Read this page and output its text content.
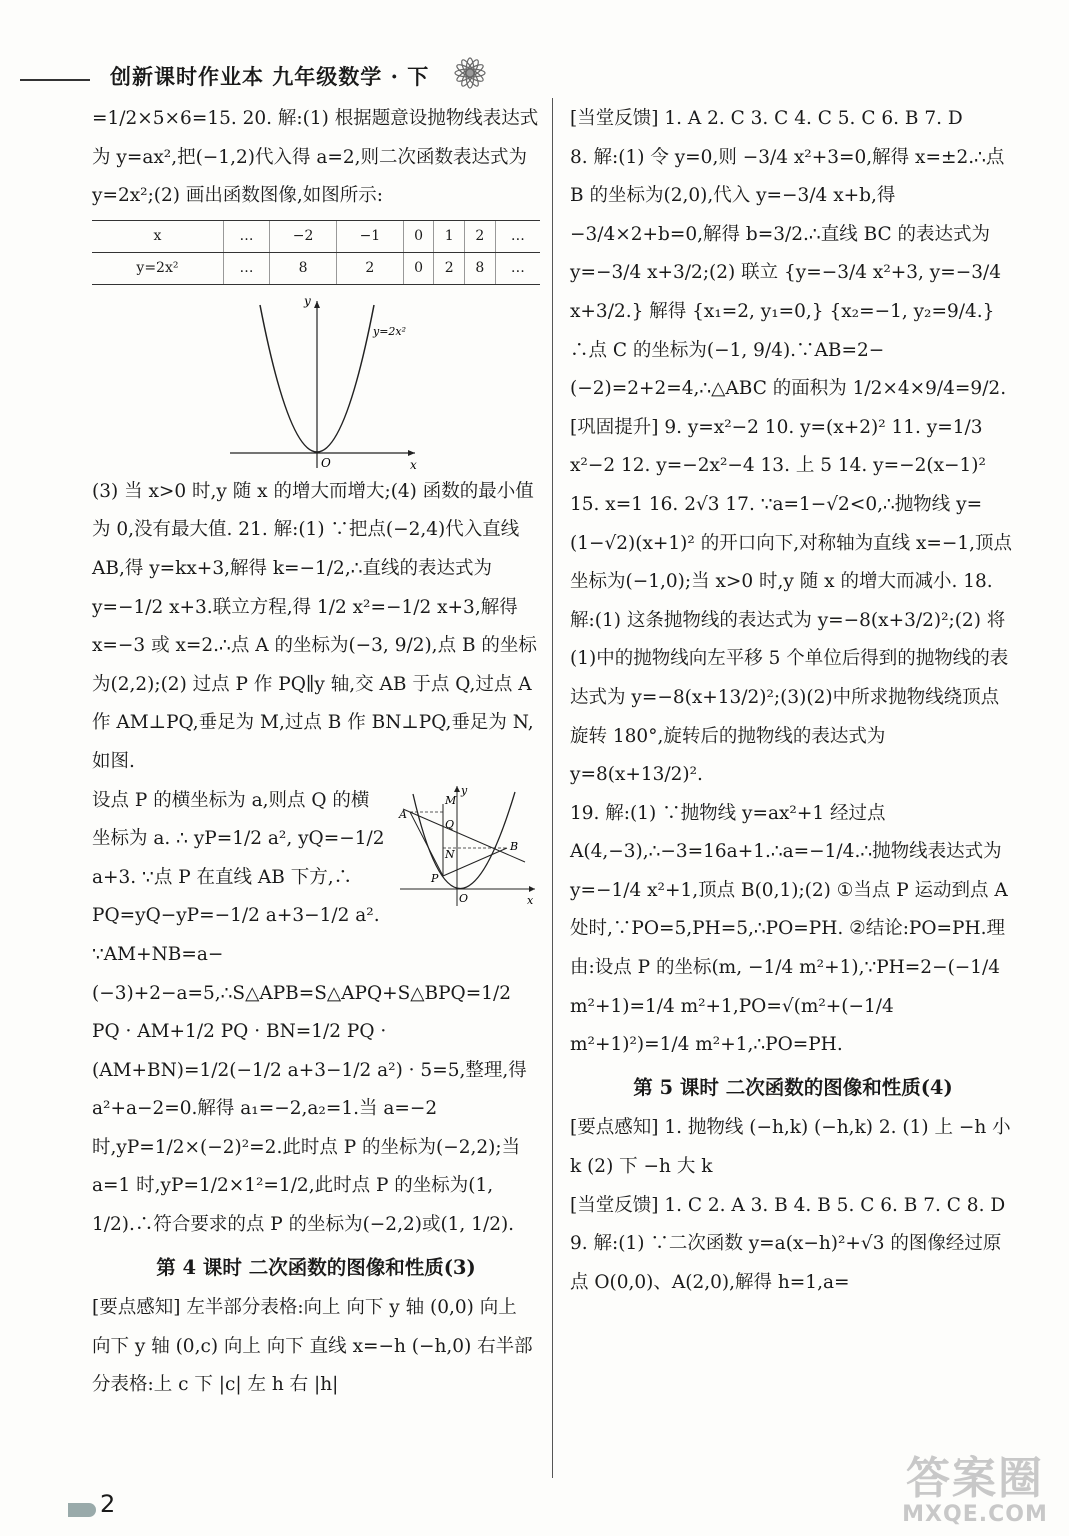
创新课时作业本 九年级数学 · 下

=1/2×5×6=15. 20. 解:(1) 根据题意设抛物线表达式为 y=ax²,把(−1,2)代入得 a=2,则二次函数表达式为 y=2x²;(2) 画出函数图像,如图所示:

x	…	−2	−1	0	1	2	…
y=2x²	…	8	2	0	2	8	…
y=2x²
x
y
O

(3) 当 x>0 时,y 随 x 的增大而增大;(4) 函数的最小值为 0,没有最大值. 21. 解:(1) ∵把点(−2,4)代入直线 AB,得 y=kx+3,解得 k=−1/2,∴直线的表达式为 y=−1/2 x+3.联立方程,得 1/2 x²=−1/2 x+3,解得 x=−3 或 x=2.∴点 A 的坐标为(−3, 9/2),点 B 的坐标为(2,2);(2) 过点 P 作 PQ∥y 轴,交 AB 于点 Q,过点 A 作 AM⊥PQ,垂足为 M,过点 B 作 BN⊥PQ,垂足为 N,如图.

y
M
A
Q
N
B
P
O	x

设点 P 的横坐标为 a,则点 Q 的横坐标为 a. ∴ yP=1/2 a², yQ=−1/2 a+3. ∵点 P 在直线 AB 下方,∴ PQ=yQ−yP=−1/2 a+3−1/2 a². ∵AM+NB=a−(−3)+2−a=5,∴S△APB=S△APQ+S△BPQ=1/2 PQ · AM+1/2 PQ · BN=1/2 PQ · (AM+BN)=1/2(−1/2 a+3−1/2 a²) · 5=5,整理,得 a²+a−2=0.解得 a₁=−2,a₂=1.当 a=−2 时,yP=1/2×(−2)²=2.此时点 P 的坐标为(−2,2);当 a=1 时,yP=1/2×1²=1/2,此时点 P 的坐标为(1, 1/2).∴符合要求的点 P 的坐标为(−2,2)或(1, 1/2).

第 4 课时 二次函数的图像和性质(3)

[要点感知] 左半部分表格:向上 向下 y 轴 (0,0) 向上 向下 y 轴 (0,c) 向上 向下 直线 x=−h (−h,0) 右半部分表格:上 c 下 |c| 左 h 右 |h|

[当堂反馈] 1. A 2. C 3. C 4. C 5. C 6. B 7. D

8. 解:(1) 令 y=0,则 −3/4 x²+3=0,解得 x=±2.∴点 B 的坐标为(2,0),代入 y=−3/4 x+b,得 −3/4×2+b=0,解得 b=3/2.∴直线 BC 的表达式为 y=−3/4 x+3/2;(2) 联立 {y=−3/4 x²+3, y=−3/4 x+3/2.} 解得 {x₁=2, y₁=0,} {x₂=−1, y₂=9/4.} ∴点 C 的坐标为(−1, 9/4).∵AB=2−(−2)=2+2=4,∴△ABC 的面积为 1/2×4×9/4=9/2.

[巩固提升] 9. y=x²−2 10. y=(x+2)² 11. y=1/3 x²−2 12. y=−2x²−4 13. 上 5 14. y=−2(x−1)² 15. x=1 16. 2√3 17. ∵a=1−√2<0,∴抛物线 y=(1−√2)(x+1)² 的开口向下,对称轴为直线 x=−1,顶点坐标为(−1,0);当 x>0 时,y 随 x 的增大而减小. 18. 解:(1) 这条抛物线的表达式为 y=−8(x+3/2)²;(2) 将(1)中的抛物线向左平移 5 个单位后得到的抛物线的表达式为 y=−8(x+13/2)²;(3)(2)中所求抛物线绕顶点旋转 180°,旋转后的抛物线的表达式为 y=8(x+13/2)².

19. 解:(1) ∵抛物线 y=ax²+1 经过点 A(4,−3),∴−3=16a+1.∴a=−1/4.∴抛物线表达式为 y=−1/4 x²+1,顶点 B(0,1);(2) ①当点 P 运动到点 A 处时,∵PO=5,PH=5,∴PO=PH. ②结论:PO=PH.理由:设点 P 的坐标(m, −1/4 m²+1),∵PH=2−(−1/4 m²+1)=1/4 m²+1,PO=√(m²+(−1/4 m²+1)²)=1/4 m²+1,∴PO=PH.

第 5 课时 二次函数的图像和性质(4)

[要点感知] 1. 抛物线 (−h,k) (−h,k) 2. (1) 上 −h 小 k (2) 下 −h 大 k

[当堂反馈] 1. C 2. A 3. B 4. B 5. C 6. B 7. C 8. D 9. 解:(1) ∵二次函数 y=a(x−h)²+√3 的图像经过原点 O(0,0)、A(2,0),解得 h=1,a=

2	答案圈
MXQE.COM
